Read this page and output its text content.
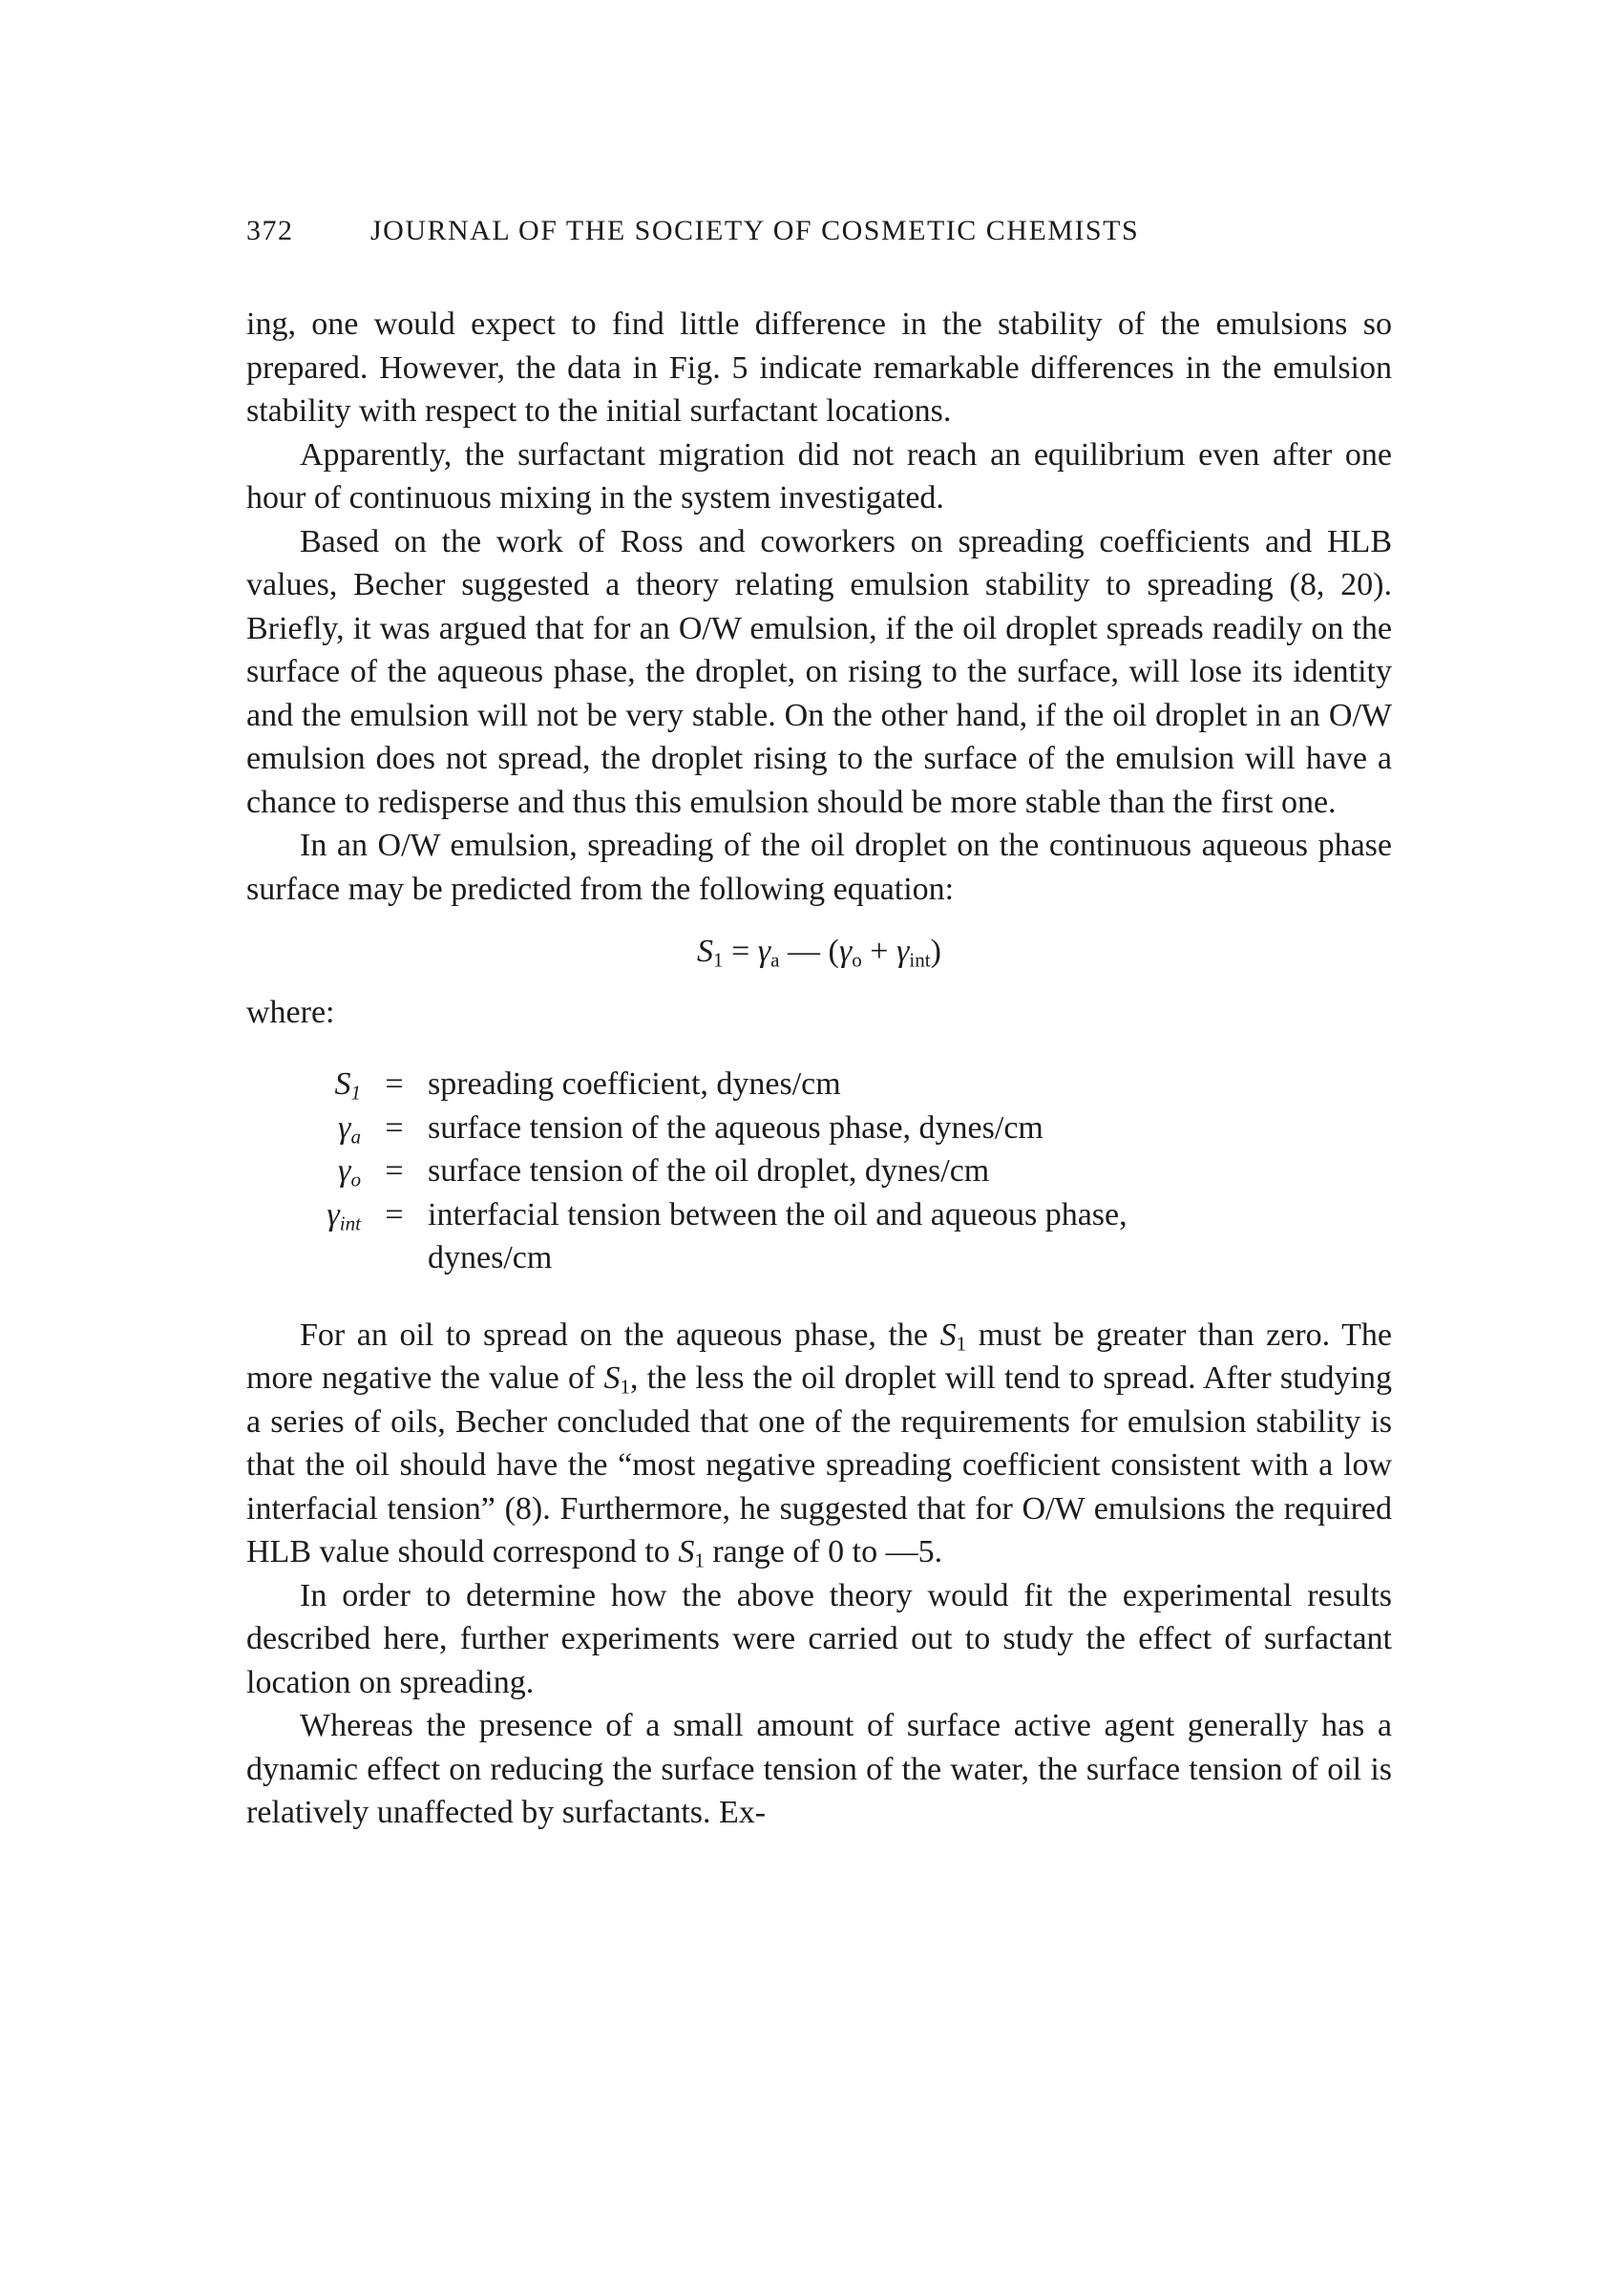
372	JOURNAL OF THE SOCIETY OF COSMETIC CHEMISTS

ing, one would expect to find little difference in the stability of the emulsions so prepared. However, the data in Fig. 5 indicate remarkable differences in the emulsion stability with respect to the initial surfactant locations.

Apparently, the surfactant migration did not reach an equilibrium even after one hour of continuous mixing in the system investigated.

Based on the work of Ross and coworkers on spreading coefficients and HLB values, Becher suggested a theory relating emulsion stability to spreading (8, 20). Briefly, it was argued that for an O/W emulsion, if the oil droplet spreads readily on the surface of the aqueous phase, the droplet, on rising to the surface, will lose its identity and the emulsion will not be very stable. On the other hand, if the oil droplet in an O/W emulsion does not spread, the droplet rising to the surface of the emulsion will have a chance to redisperse and thus this emulsion should be more stable than the first one.

In an O/W emulsion, spreading of the oil droplet on the continuous aqueous phase surface may be predicted from the following equation:

$S_1 = \gamma_a$ — $(\gamma_o + \gamma_{int})$
where:
$S_1$ = spreading coefficient, dynes/cm
$\gamma_a$ = surface tension of the aqueous phase, dynes/cm
$\gamma_o$ = surface tension of the oil droplet, dynes/cm
$\gamma_{int}$ = interfacial tension between the oil and aqueous phase,
dynes/cm

For an oil to spread on the aqueous phase, the $S_1$ must be greater than zero. The more negative the value of $S_1$, the less the oil droplet will tend to spread. After studying a series of oils, Becher concluded that one of the requirements for emulsion stability is that the oil should have the “most negative spreading coefficient consistent with a low interfacial tension” (8). Furthermore, he suggested that for O/W emulsions the required HLB value should correspond to $S_1$ range of 0 to —5.

In order to determine how the above theory would fit the experimental results described here, further experiments were carried out to study the effect of surfactant location on spreading.

Whereas the presence of a small amount of surface active agent generally has a dynamic effect on reducing the surface tension of the water, the surface tension of oil is relatively unaffected by surfactants. Ex-
